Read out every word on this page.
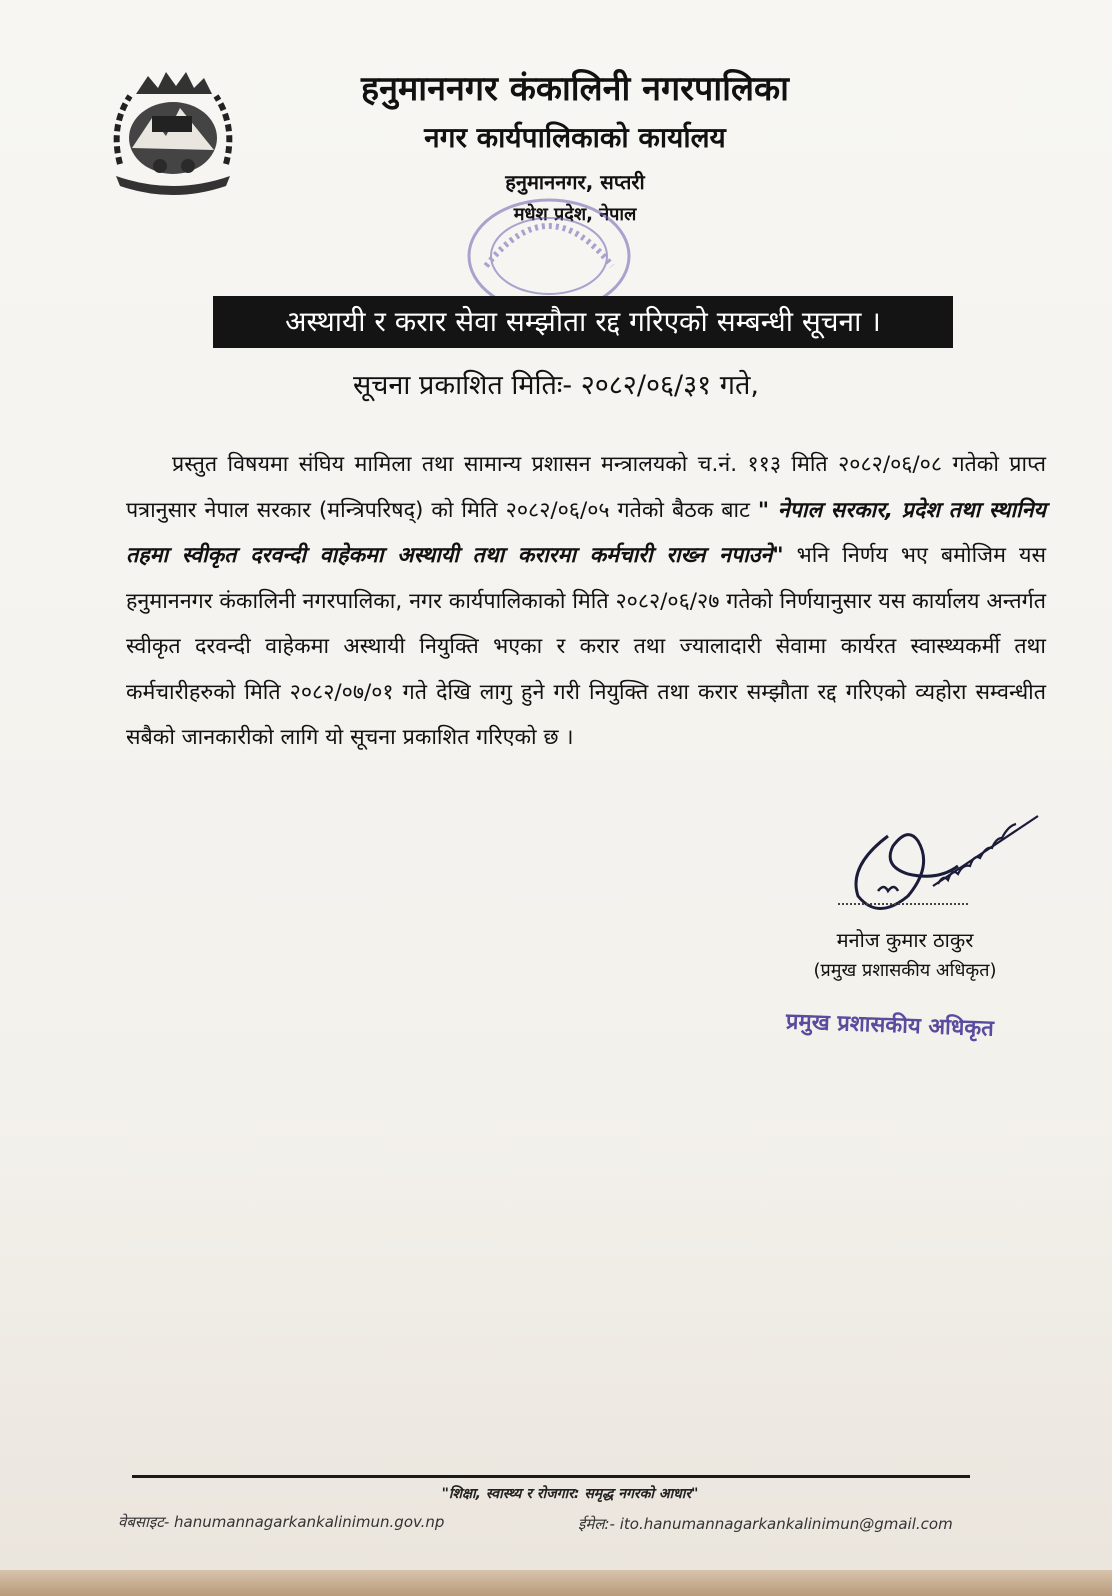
हनुमाननगर कंकालिनी नगरपालिका
नगर कार्यपालिकाको कार्यालय
हनुमाननगर, सप्तरी
मधेश प्रदेश, नेपाल
अस्थायी र करार सेवा सम्झौता रद्द गरिएको सम्बन्धी सूचना ।
सूचना प्रकाशित मितिः- २०८२/०६/३१ गते,
प्रस्तुत विषयमा संघिय मामिला तथा सामान्य प्रशासन मन्त्रालयको च.नं. ११३ मिति २०८२/०६/०८ गतेको प्राप्त पत्रानुसार नेपाल सरकार (मन्त्रिपरिषद्) को मिति २०८२/०६/०५ गतेको बैठक बाट " नेपाल सरकार, प्रदेश तथा स्थानिय तहमा स्वीकृत दरवन्दी वाहेकमा अस्थायी तथा करारमा कर्मचारी राख्न नपाउने" भनि निर्णय भए बमोजिम यस हनुमाननगर कंकालिनी नगरपालिका, नगर कार्यपालिकाको मिति २०८२/०६/२७ गतेको निर्णयानुसार यस कार्यालय अन्तर्गत स्वीकृत दरवन्दी वाहेकमा अस्थायी नियुक्ति भएका र करार तथा ज्यालादारी सेवामा कार्यरत स्वास्थ्यकर्मी तथा कर्मचारीहरुको मिति २०८२/०७/०१ गते देखि लागु हुने गरी नियुक्ति तथा करार सम्झौता रद्द गरिएको व्यहोरा सम्वन्धीत सबैको जानकारीको लागि यो सूचना प्रकाशित गरिएको छ ।
मनोज कुमार ठाकुर
(प्रमुख प्रशासकीय अधिकृत)
प्रमुख प्रशासकीय अधिकृत
"शिक्षा, स्वास्थ्य र रोजगार: समृद्ध नगरको आधार"
वेबसाइट- hanumannagarkankalinimun.gov.np	ईमेल:- ito.hanumannagarkankalinimun@gmail.com
